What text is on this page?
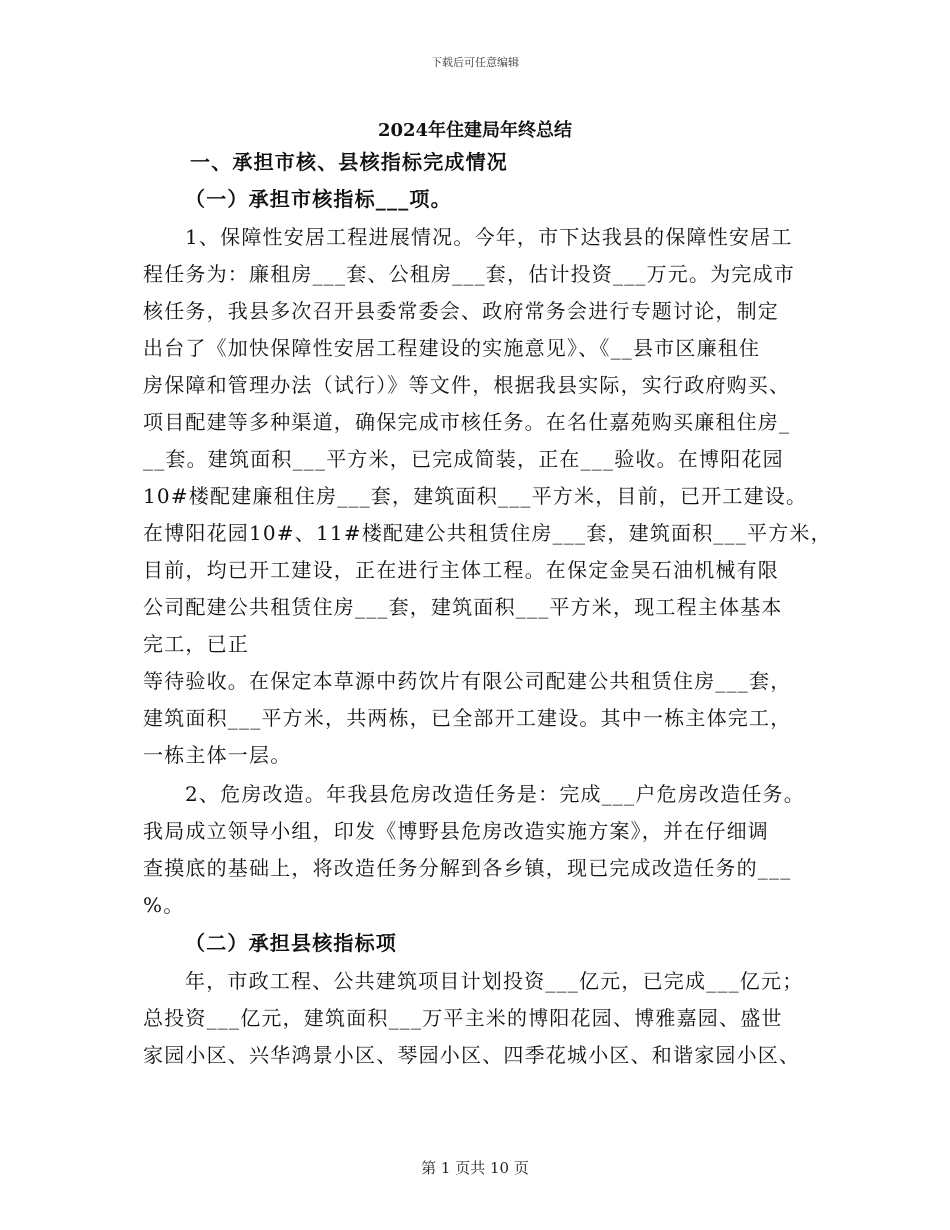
下载后可任意编辑
2024年住建局年终总结
一、承担市核、县核指标完成情况
（一）承担市核指标___项。
1、保障性安居工程进展情况。今年，市下达我县的保障性安居工
程任务为：廉租房___套、公租房___套，估计投资___万元。为完成市
核任务，我县多次召开县委常委会、政府常务会进行专题讨论，制定
出台了《加快保障性安居工程建设的实施意见》、《__县市区廉租住
房保障和管理办法（试行）》等文件，根据我县实际，实行政府购买、
项目配建等多种渠道，确保完成市核任务。在名仕嘉苑购买廉租住房_
__套。建筑面积___平方米，已完成简装，正在___验收。在博阳花园
10#楼配建廉租住房___套，建筑面积___平方米，目前，已开工建设。
在博阳花园10#、11#楼配建公共租赁住房___套，建筑面积___平方米，
目前，均已开工建设，正在进行主体工程。在保定金昊石油机械有限
公司配建公共租赁住房___套，建筑面积___平方米，现工程主体基本
完工，已正
等待验收。在保定本草源中药饮片有限公司配建公共租赁住房___套，
建筑面积___平方米，共两栋，已全部开工建设。其中一栋主体完工，
一栋主体一层。
2、危房改造。年我县危房改造任务是：完成___户危房改造任务。
我局成立领导小组，印发《博野县危房改造实施方案》，并在仔细调
查摸底的基础上，将改造任务分解到各乡镇，现已完成改造任务的___
%。
（二）承担县核指标项
年，市政工程、公共建筑项目计划投资___亿元，已完成___亿元；
总投资___亿元，建筑面积___万平主米的博阳花园、博雅嘉园、盛世
家园小区、兴华鸿景小区、琴园小区、四季花城小区、和谐家园小区、
第 1 页共 10 页
